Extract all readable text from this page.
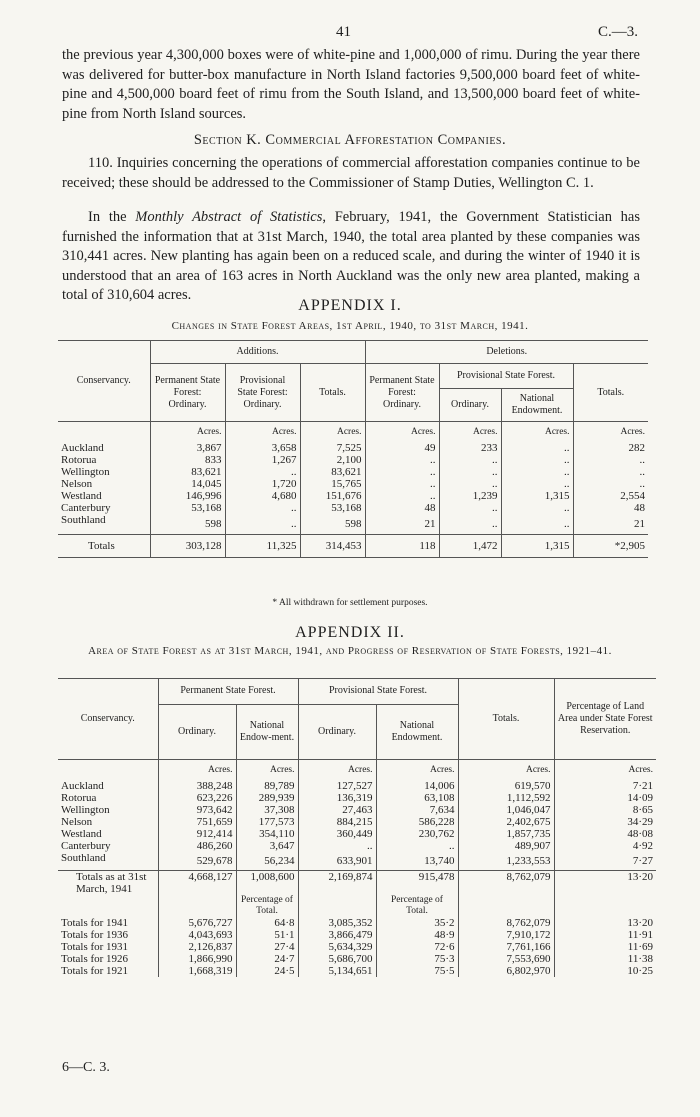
41	C.—3.

the previous year 4,300,000 boxes were of white-pine and 1,000,000 of rimu. During the year there was delivered for butter-box manufacture in North Island factories 9,500,000 board feet of white-pine and 4,500,000 board feet of rimu from the South Island, and 13,500,000 board feet of white-pine from North Island sources.

Section K. Commercial Afforestation Companies.

110. Inquiries concerning the operations of commercial afforestation companies continue to be received; these should be addressed to the Commissioner of Stamp Duties, Wellington C. 1.

In the Monthly Abstract of Statistics, February, 1941, the Government Statistician has furnished the information that at 31st March, 1940, the total area planted by these companies was 310,441 acres. New planting has again been on a reduced scale, and during the winter of 1940 it is understood that an area of 163 acres in North Auckland was the only new area planted, making a total of 310,604 acres.

APPENDIX I.
Changes in State Forest Areas, 1st April, 1940, to 31st March, 1941.
Conservancy.	Additions.			Deletions.			
	Permanent State Forest: Ordinary.	Provisional State Forest: Ordinary.	Totals.	Permanent State Forest: Ordinary.	Provisional State Forest.		Totals.
					Ordinary.	National Endowment.	
	Acres.	Acres.	Acres.	Acres.	Acres.	Acres.	Acres.
Auckland	3,867	3,658	7,525	49	233	..	282
Rotorua	833	1,267	2,100	..	..	..	..
Wellington	83,621	..	83,621	..	..	..	..
Nelson	14,045	1,720	15,765	..	..	..	..
Westland	146,996	4,680	151,676	..	1,239	1,315	2,554
Canterbury	53,168	..	53,168	48	..	..	48
Southland	598	..	598	21	..	..	21
Totals	303,128	11,325	314,453	118	1,472	1,315	*2,905
* All withdrawn for settlement purposes.
APPENDIX II.
Area of State Forest as at 31st March, 1941, and Progress of Reservation of State Forests, 1921–41.
Conservancy.	Permanent State Forest.		Provisional State Forest.		Totals.	Percentage of Land Area under State Forest Reservation.
	Ordinary.	National Endow-ment.	Ordinary.	National Endowment.		
	Acres.	Acres.	Acres.	Acres.	Acres.	Acres.
Auckland	388,248	89,789	127,527	14,006	619,570	7·21
Rotorua	623,226	289,939	136,319	63,108	1,112,592	14·09
Wellington	973,642	37,308	27,463	7,634	1,046,047	8·65
Nelson	751,659	177,573	884,215	586,228	2,402,675	34·29
Westland	912,414	354,110	360,449	230,762	1,857,735	48·08
Canterbury	486,260	3,647	..	..	489,907	4·92
Southland	529,678	56,234	633,901	13,740	1,233,553	7·27
Totals as at 31st March, 1941	4,668,127	1,008,600	2,169,874	915,478	8,762,079	13·20
		Percentage of Total.		Percentage of Total.		
Totals for 1941	5,676,727	64·8	3,085,352	35·2	8,762,079	13·20
Totals for 1936	4,043,693	51·1	3,866,479	48·9	7,910,172	11·91
Totals for 1931	2,126,837	27·4	5,634,329	72·6	7,761,166	11·69
Totals for 1926	1,866,990	24·7	5,686,700	75·3	7,553,690	11·38
Totals for 1921	1,668,319	24·5	5,134,651	75·5	6,802,970	10·25
6—C. 3.
